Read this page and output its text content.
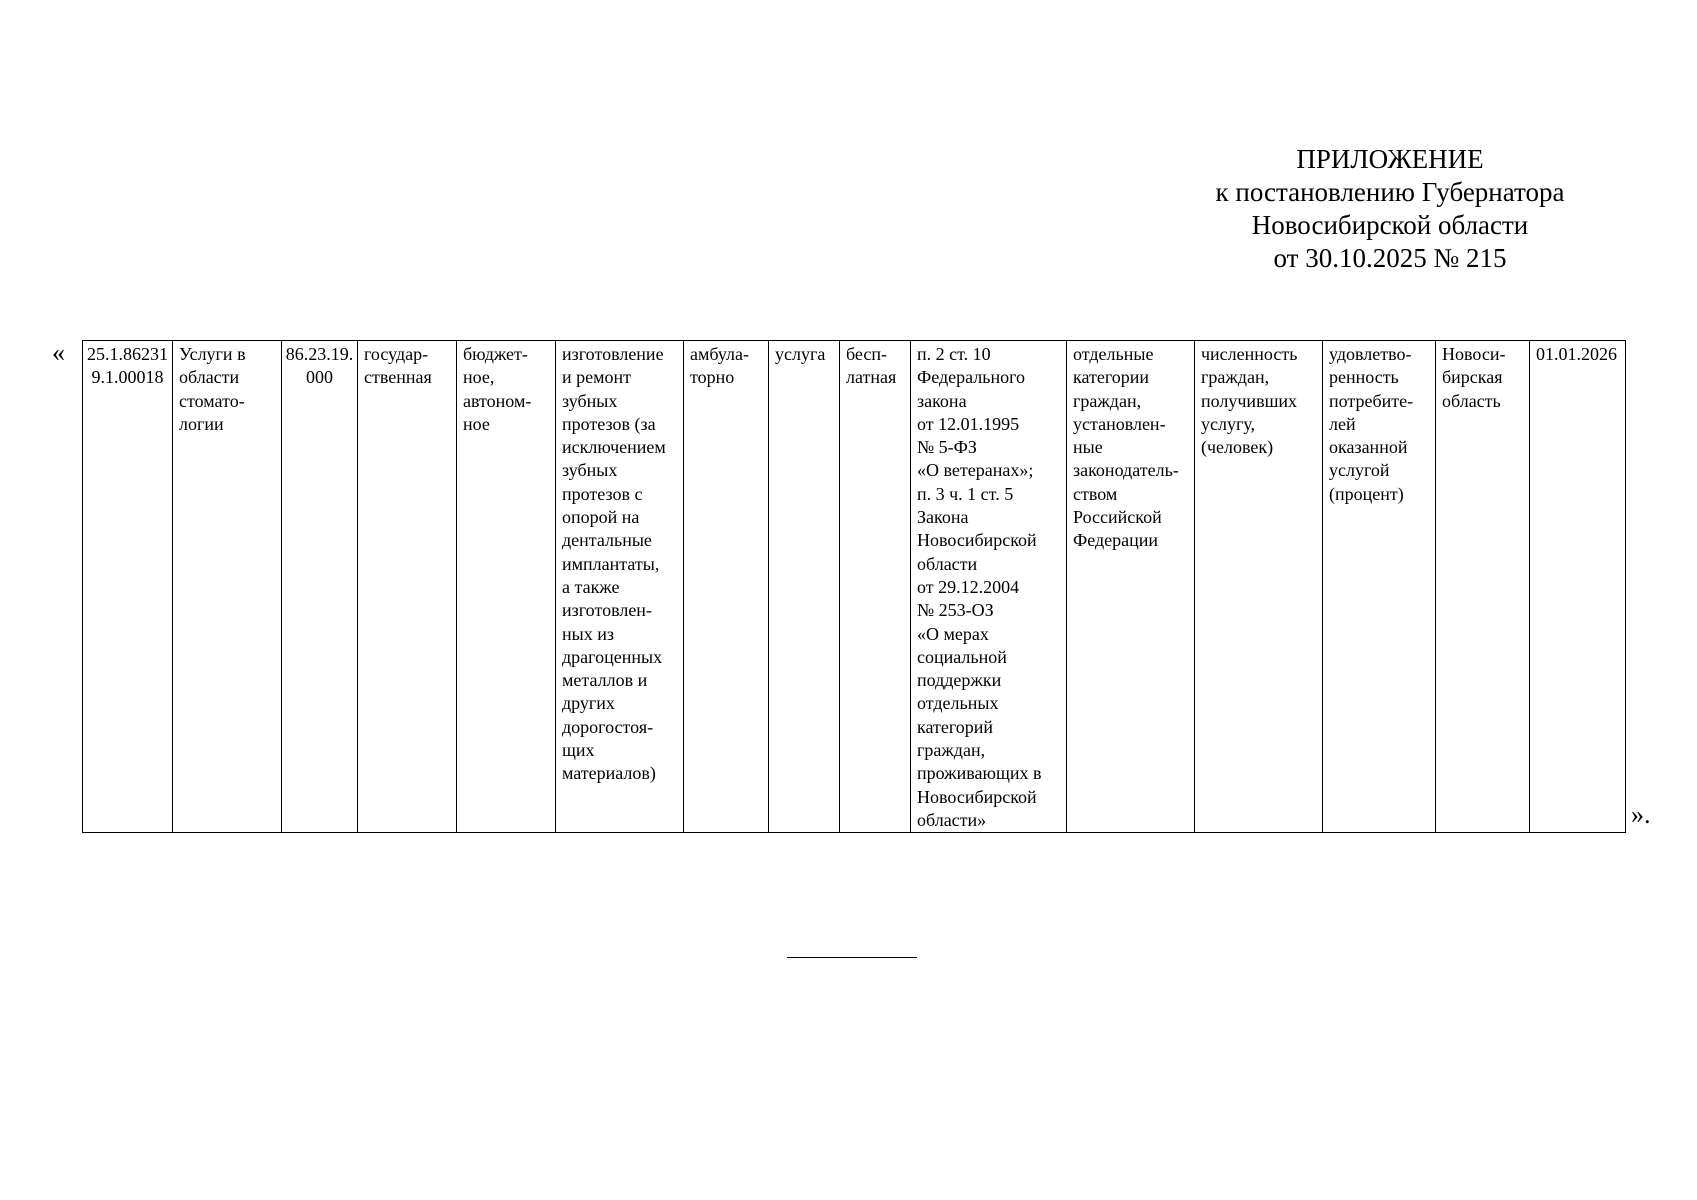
ПРИЛОЖЕНИЕ
к постановлению Губернатора
Новосибирской области
от 30.10.2025 № 215
« 25.1.86231
9.1.00018

Услуги в
области
стомато-
логии

86.23.19.
000

государ-
ственная

бюджет-
ное,
автоном-
ное

изготовление
и ремонт
зубных
протезов (за
исключением
зубных
протезов с
опорой на
дентальные
имплантаты,
а также
изготовлен-
ных из
драгоценных
металлов и
других
дорогостоя-
щих
материалов)

амбула-
торно

услуга	бесп-
латная

п. 2 ст. 10
Федерального
закона
от 12.01.1995
№ 5-ФЗ
«О ветеранах»;
п. 3 ч. 1 ст. 5
Закона
Новосибирской
области
от 29.12.2004
№ 253-ОЗ
«О мерах
социальной
поддержки
отдельных
категорий
граждан,
проживающих в
Новосибирской
области»

отдельные
категории
граждан,
установлен-
ные
законодатель-
ством
Российской
Федерации

численность
граждан,
получивших
услугу,
(человек)

удовлетво-
ренность
потребите-
лей
оказанной
услугой
(процент)

Новоси-
бирская
область

01.01.2026
».
